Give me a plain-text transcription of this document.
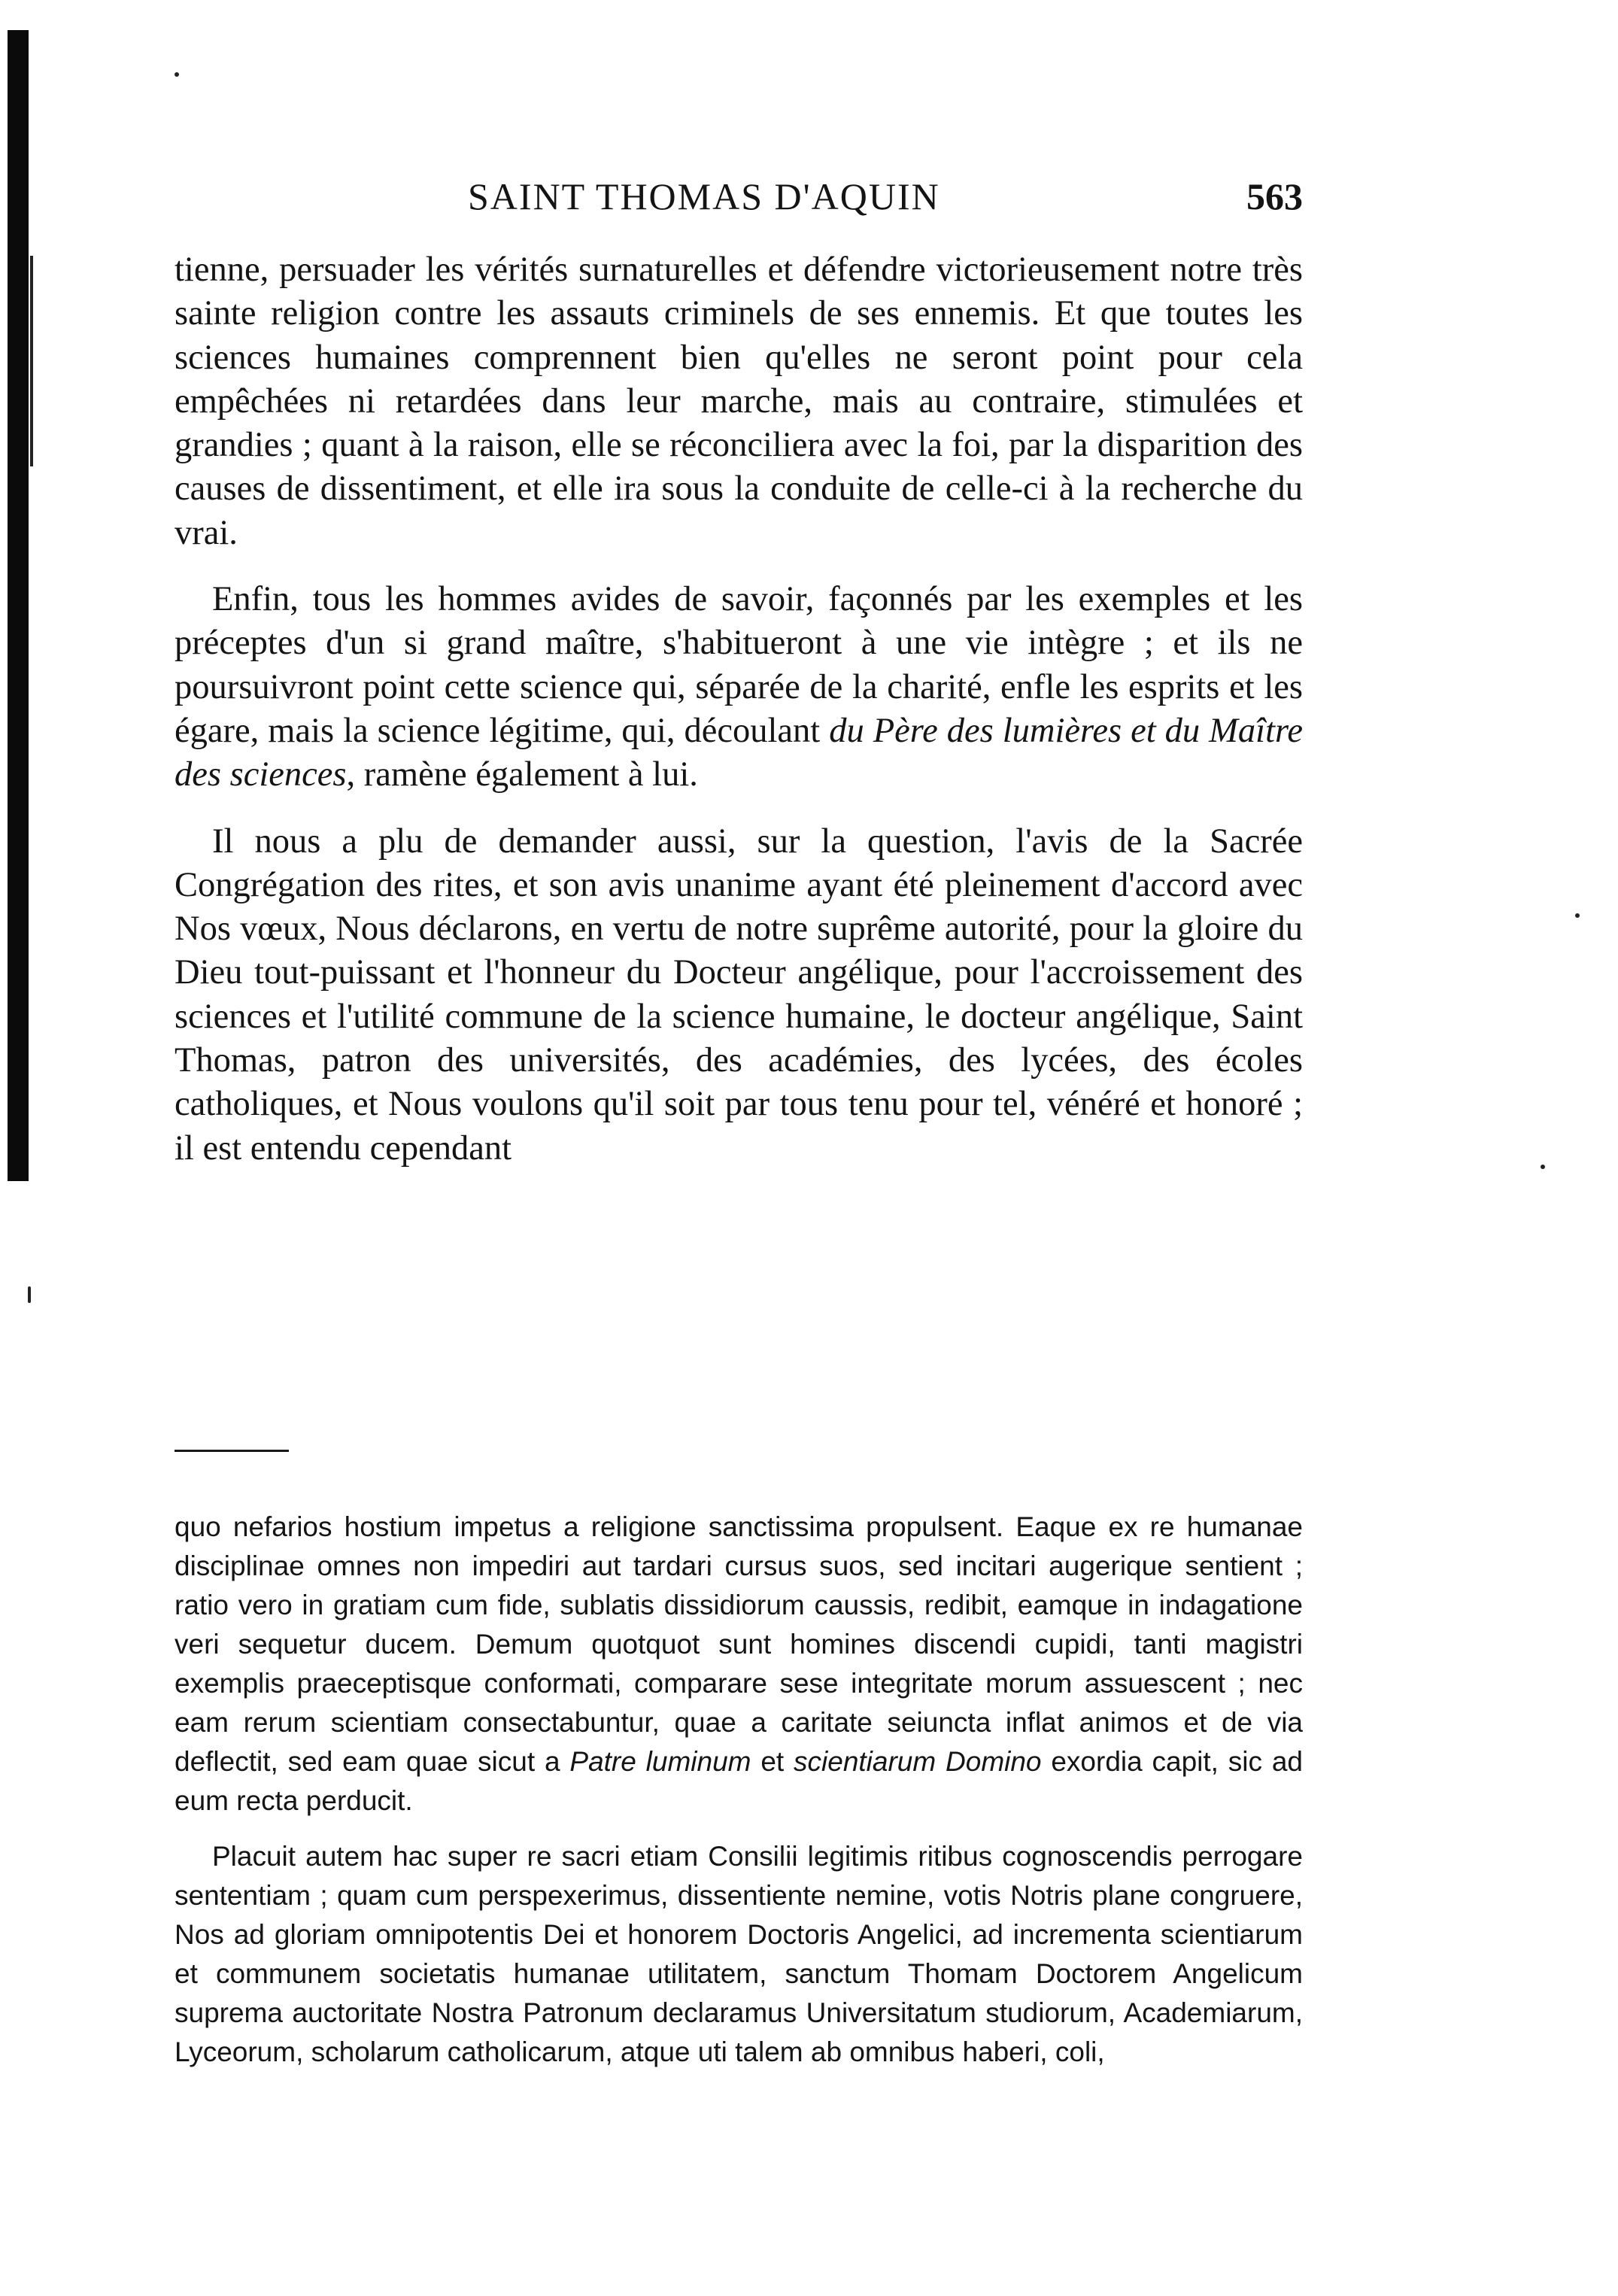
SAINT THOMAS D'AQUIN	563

tienne, persuader les vérités surnaturelles et défendre victorieusement notre très sainte religion contre les assauts criminels de ses ennemis. Et que toutes les sciences humaines comprennent bien qu'elles ne seront point pour cela empêchées ni retardées dans leur marche, mais au contraire, stimulées et grandies ; quant à la raison, elle se réconciliera avec la foi, par la disparition des causes de dissentiment, et elle ira sous la conduite de celle-ci à la recherche du vrai.

Enfin, tous les hommes avides de savoir, façonnés par les exemples et les préceptes d'un si grand maître, s'habitueront à une vie intègre ; et ils ne poursuivront point cette science qui, séparée de la charité, enfle les esprits et les égare, mais la science légitime, qui, découlant du Père des lumières et du Maître des sciences, ramène également à lui.

Il nous a plu de demander aussi, sur la question, l'avis de la Sacrée Congrégation des rites, et son avis unanime ayant été pleinement d'accord avec Nos vœux, Nous déclarons, en vertu de notre suprême autorité, pour la gloire du Dieu tout-puissant et l'honneur du Docteur angélique, pour l'accroissement des sciences et l'utilité commune de la science humaine, le docteur angélique, Saint Thomas, patron des universités, des académies, des lycées, des écoles catholiques, et Nous voulons qu'il soit par tous tenu pour tel, vénéré et honoré ; il est entendu cependant

quo nefarios hostium impetus a religione sanctissima propulsent. Eaque ex re humanae disciplinae omnes non impediri aut tardari cursus suos, sed incitari augerique sentient ; ratio vero in gratiam cum fide, sublatis dissidiorum caussis, redibit, eamque in indagatione veri sequetur ducem. Demum quotquot sunt homines discendi cupidi, tanti magistri exemplis praeceptisque conformati, comparare sese integritate morum assuescent ; nec eam rerum scientiam consectabuntur, quae a caritate seiuncta inflat animos et de via deflectit, sed eam quae sicut a Patre luminum et scientiarum Domino exordia capit, sic ad eum recta perducit.

Placuit autem hac super re sacri etiam Consilii legitimis ritibus cognoscendis perrogare sententiam ; quam cum perspexerimus, dissentiente nemine, votis Notris plane congruere, Nos ad gloriam omnipotentis Dei et honorem Doctoris Angelici, ad incrementa scientiarum et communem societatis humanae utilitatem, sanctum Thomam Doctorem Angelicum suprema auctoritate Nostra Patronum declaramus Universitatum studiorum, Academiarum, Lyceorum, scholarum catholicarum, atque uti talem ab omnibus haberi, coli,
